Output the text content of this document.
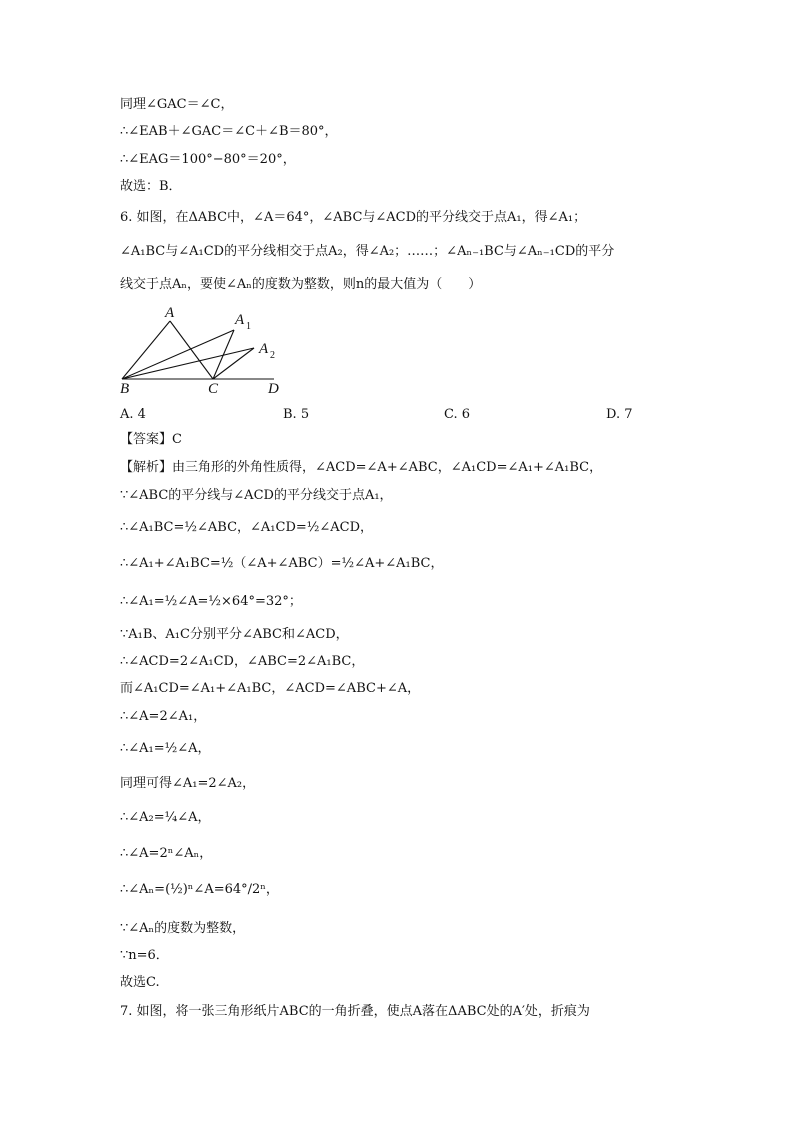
同理∠GAC＝∠C，
∴∠EAB＋∠GAC＝∠C＋∠B＝80°，
∴∠EAG＝100°−80°＝20°，
故选：B．
6. 如图，在ΔABC中，∠A＝64°，∠ABC与∠ACD的平分线交于点A₁，得∠A₁；
∠A₁BC与∠A₁CD的平分线相交于点A₂，得∠A₂；……；∠Aₙ₋₁BC与∠Aₙ₋₁CD的平分
线交于点Aₙ，要使∠Aₙ的度数为整数，则n的最大值为（　　）
A	A 1
A 2
B	C	D
A. 4	B. 5	C. 6	D. 7
【答案】C
【解析】由三角形的外角性质得，∠ACD=∠A+∠ABC，∠A₁CD=∠A₁+∠A₁BC，
∵∠ABC的平分线与∠ACD的平分线交于点A₁，
∴∠A₁BC=½∠ABC，∠A₁CD=½∠ACD，
∴∠A₁+∠A₁BC=½（∠A+∠ABC）=½∠A+∠A₁BC，
∴∠A₁=½∠A=½×64°=32°；
∵A₁B、A₁C分别平分∠ABC和∠ACD，
∴∠ACD=2∠A₁CD，∠ABC=2∠A₁BC，
而∠A₁CD=∠A₁+∠A₁BC，∠ACD=∠ABC+∠A，
∴∠A=2∠A₁，
∴∠A₁=½∠A，
同理可得∠A₁=2∠A₂，
∴∠A₂=¼∠A，
∴∠A=2ⁿ∠Aₙ，
∴∠Aₙ=(½)ⁿ∠A=64°/2ⁿ，
∵∠Aₙ的度数为整数，
∵n=6．
故选C.
7. 如图，将一张三角形纸片ABC的一角折叠，使点A落在ΔABC处的A′处，折痕为
